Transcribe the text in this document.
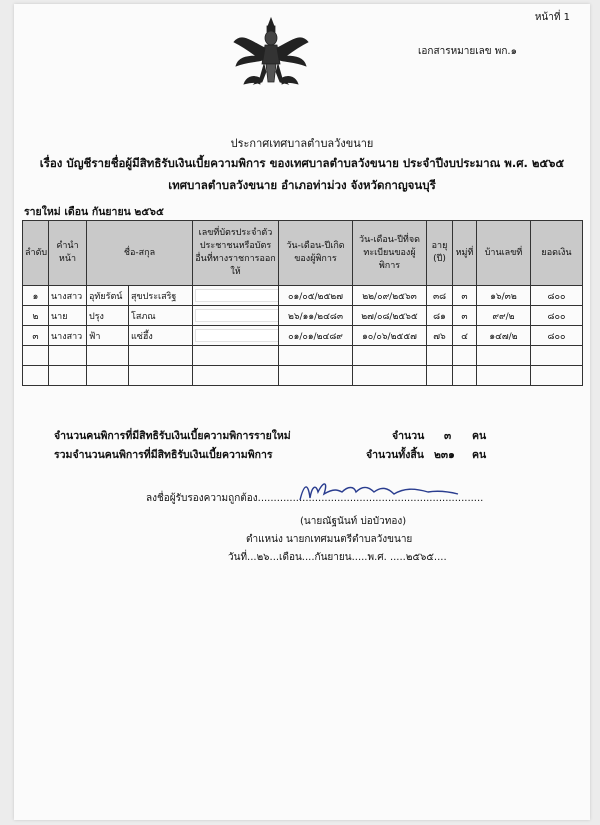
หน้าที่ 1
เอกสารหมายเลข พก.๑
ประกาศเทศบาลตำบลวังขนาย
เรื่อง บัญชีรายชื่อผู้มีสิทธิรับเงินเบี้ยความพิการ ของเทศบาลตำบลวังขนาย ประจำปีงบประมาณ พ.ศ. ๒๕๖๕
เทศบาลตำบลวังขนาย อำเภอท่าม่วง จังหวัดกาญจนบุรี
รายใหม่ เดือน กันยายน ๒๕๖๕
ลำดับ	คำนำหน้า	ชื่อ-สกุล		เลขที่บัตรประจำตัวประชาชนหรือบัตรอื่นที่ทางราชการออกให้	วัน-เดือน-ปีเกิดของผู้พิการ	วัน-เดือน-ปีที่จดทะเบียนของผู้พิการ	อายุ (ปี)	หมู่ที่	บ้านเลขที่	ยอดเงิน
๑	นางสาว	อุทัยรัตน์	สุขประเสริฐ		๐๑/๐๕/๒๕๒๗	๒๒/๐๙/๒๕๖๓	๓๘	๓	๑๖/๓๒	๘๐๐
๒	นาย	ปรุง	โสภณ		๒๖/๑๑/๒๔๘๓	๒๗/๐๘/๒๕๖๕	๘๑	๓	๙๙/๒	๘๐๐
๓	นางสาว	ฟ้า	แซ่ฮึ้ง		๐๑/๐๑/๒๔๘๙	๑๐/๐๖/๒๕๕๗	๗๖	๔	๑๔๗/๒	๘๐๐

จำนวนคนพิการที่มีสิทธิรับเงินเบี้ยความพิการรายใหม่	จำนวน ๓ คน
รวมจำนวนคนพิการที่มีสิทธิรับเงินเบี้ยความพิการ	จำนวนทั้งสิ้น ๒๓๑ คน
ลงชื่อผู้รับรองความถูกต้อง.......................................................................
(นายณัฐนันท์ บ่อบัวทอง)
ตำแหน่ง นายกเทศมนตรีตำบลวังขนาย
วันที่...๒๖...เดือน....กันยายน.....พ.ศ. .....๒๕๖๕....
